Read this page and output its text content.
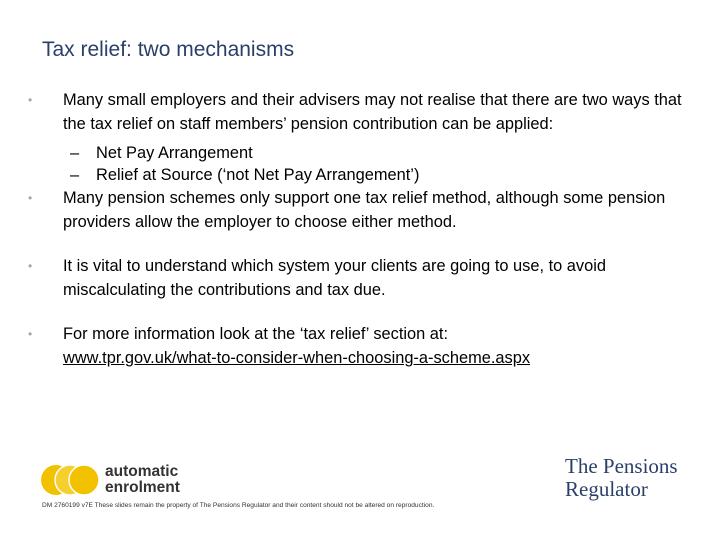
Tax relief: two mechanisms
• Many small employers and their advisers may not realise that there are two ways that the tax relief on staff members’ pension contribution can be applied:
– Net Pay Arrangement
– Relief at Source (‘not Net Pay Arrangement’)
• Many pension schemes only support one tax relief method, although some pension providers allow the employer to choose either method.
• It is vital to understand which system your clients are going to use, to avoid miscalculating the contributions and tax due.
• For more information look at the ‘tax relief’ section at:
www.tpr.gov.uk/what-to-consider-when-choosing-a-scheme.aspx
automatic
enrolment
The Pensions
Regulator
DM 2760199 v7E These slides remain the property of The Pensions Regulator and their content should not be altered on reproduction.
